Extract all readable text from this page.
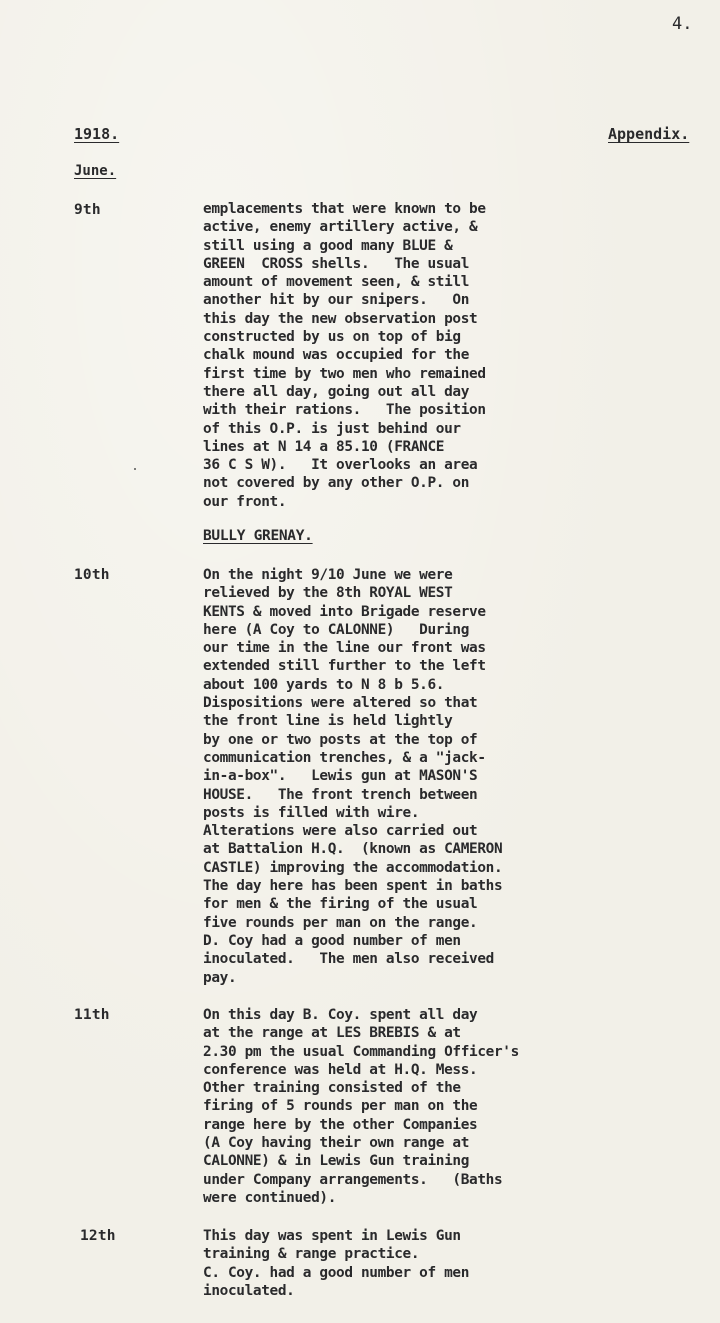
4.
1918.	Appendix.
June.
9th	emplacements that were known to be
active, enemy artillery active, &
still using a good many BLUE &
GREEN  CROSS shells.   The usual
amount of movement seen, & still
another hit by our snipers.   On
this day the new observation post
constructed by us on top of big
chalk mound was occupied for the
first time by two men who remained
there all day, going out all day
with their rations.   The position
of this O.P. is just behind our
lines at N 14 a 85.10 (FRANCE
36 C S W).   It overlooks an area
not covered by any other O.P. on
our front.
BULLY GRENAY.
10th	On the night 9/10 June we were
relieved by the 8th ROYAL WEST
KENTS & moved into Brigade reserve
here (A Coy to CALONNE)   During
our time in the line our front was
extended still further to the left
about 100 yards to N 8 b 5.6.
Dispositions were altered so that
the front line is held lightly
by one or two posts at the top of
communication trenches, & a "jack-
in-a-box".   Lewis gun at MASON'S
HOUSE.   The front trench between
posts is filled with wire.
Alterations were also carried out
at Battalion H.Q.  (known as CAMERON
CASTLE) improving the accommodation.
The day here has been spent in baths
for men & the firing of the usual
five rounds per man on the range.
D. Coy had a good number of men
inoculated.   The men also received
pay.
11th	On this day B. Coy. spent all day
at the range at LES BREBIS & at
2.30 pm the usual Commanding Officer's
conference was held at H.Q. Mess.
Other training consisted of the
firing of 5 rounds per man on the
range here by the other Companies
(A Coy having their own range at
CALONNE) & in Lewis Gun training
under Company arrangements.   (Baths
were continued).
12th	This day was spent in Lewis Gun
training & range practice.
C. Coy. had a good number of men
inoculated.
